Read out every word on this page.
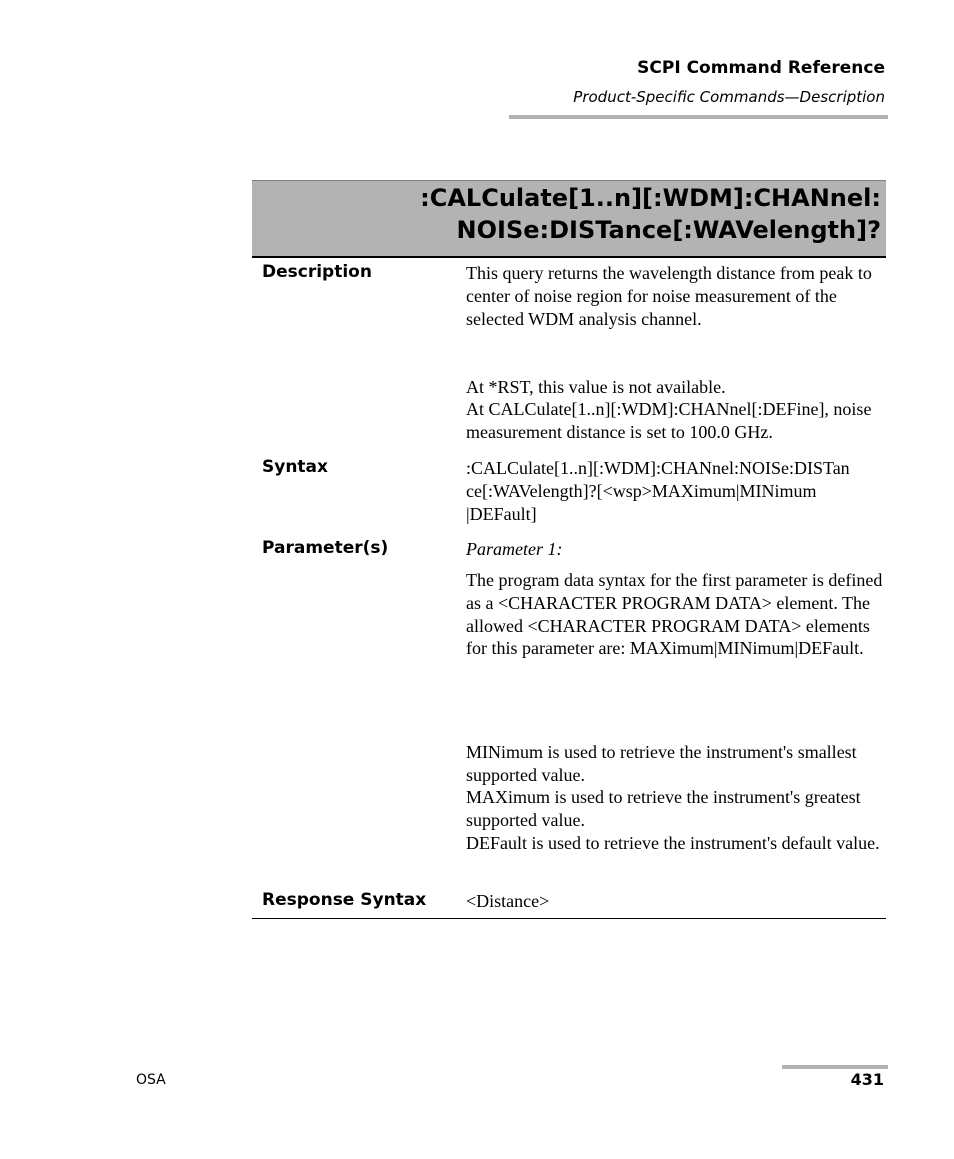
SCPI Command Reference
Product-Specific Commands—Description
:CALCulate[1..n][:WDM]:CHANnel:
NOISe:DISTance[:WAVelength]?
Description	This query returns the wavelength distance from peak to center of noise region for noise measurement of the selected WDM analysis channel.
At *RST, this value is not available.
At CALCulate[1..n][:WDM]:CHANnel[:DEFine], noise measurement distance is set to 100.0 GHz.
Syntax	:CALCulate[1..n][:WDM]:CHANnel:NOISe:DISTan
ce[:WAVelength]?[<wsp>MAXimum|MINimum
|DEFault]
Parameter(s)	Parameter 1:
The program data syntax for the first parameter is defined as a <CHARACTER PROGRAM DATA> element. The allowed <CHARACTER PROGRAM DATA> elements for this parameter are: MAXimum|MINimum|DEFault.
MINimum is used to retrieve the instrument's smallest supported value.
MAXimum is used to retrieve the instrument's greatest supported value.
DEFault is used to retrieve the instrument's default value.
Response Syntax <Distance>
OSA	431
